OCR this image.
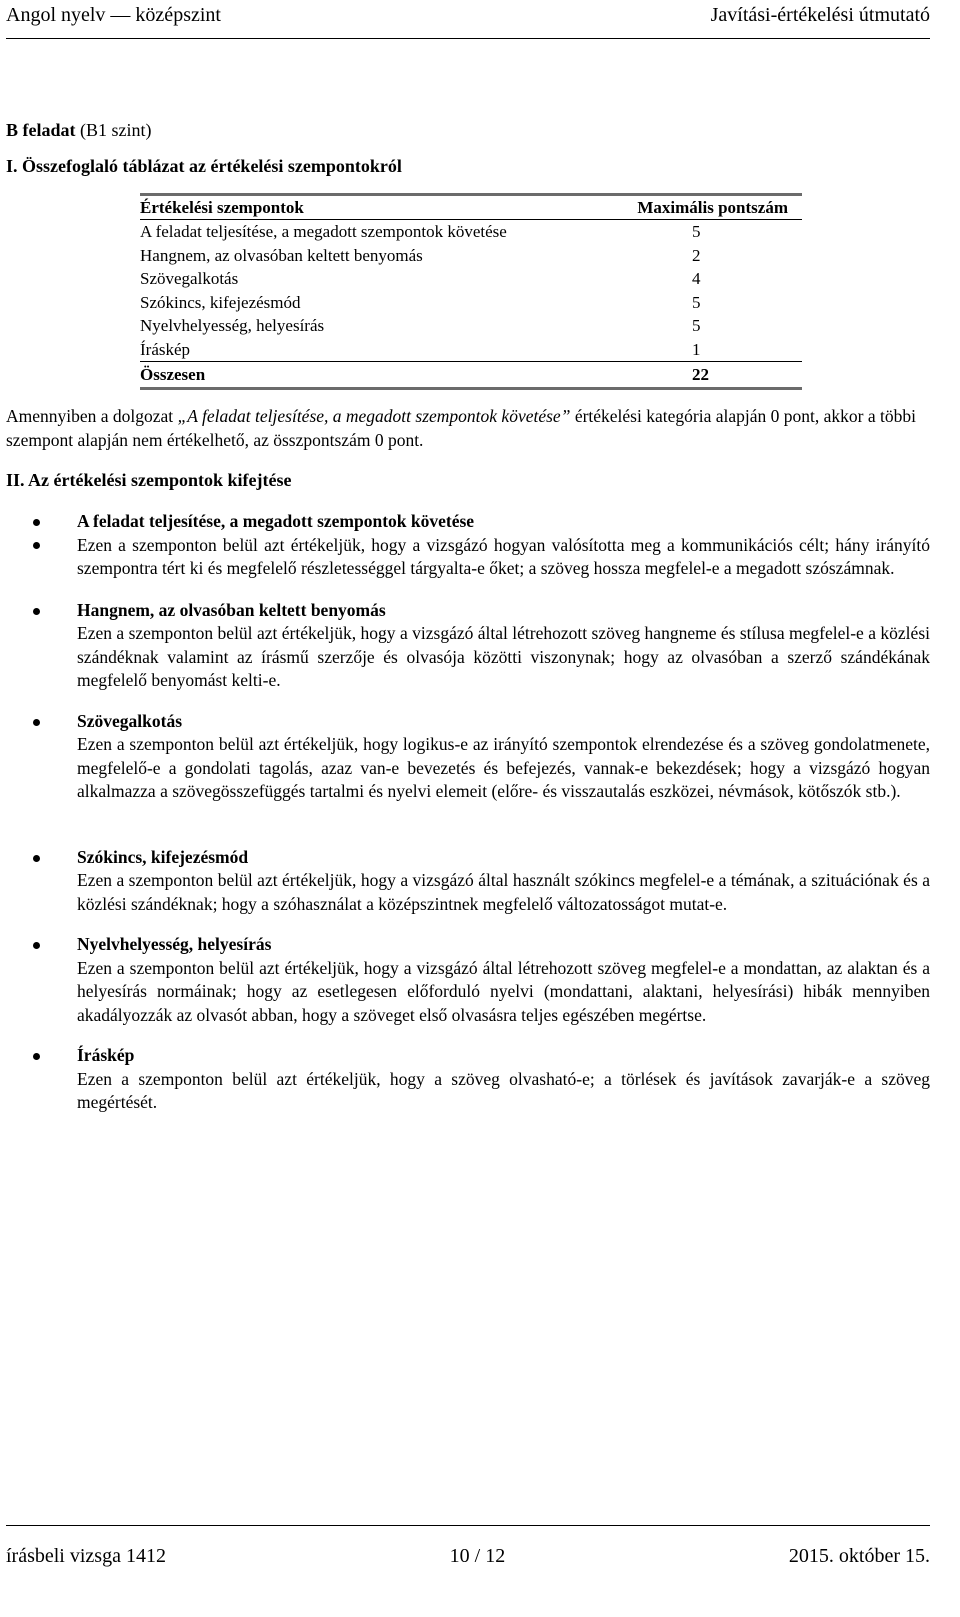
Angol nyelv — középszint	Javítási-értékelési útmutató
B feladat (B1 szint)
I. Összefoglaló táblázat az értékelési szempontokról

Értékelési szempontok	Maximális pontszám
A feladat teljesítése, a megadott szempontok követése	5
Hangnem, az olvasóban keltett benyomás	2
Szövegalkotás	4
Szókincs, kifejezésmód	5
Nyelvhelyesség, helyesírás	5
Íráskép	1
Összesen	22
Amennyiben a dolgozat „A feladat teljesítése, a megadott szempontok követése” értékelési kategória alapján 0 pont, akkor a többi szempont alapján nem értékelhető, az összpontszám 0 pont.
II. Az értékelési szempontok kifejtése
A feladat teljesítése, a megadott szempontok követése
Ezen a szemponton belül azt értékeljük, hogy a vizsgázó hogyan valósította meg a kommunikációs célt; hány irányító szempontra tért ki és megfelelő részletességgel tárgyalta-e őket; a szöveg hossza megfelel-e a megadott szószámnak.
Hangnem, az olvasóban keltett benyomás
Ezen a szemponton belül azt értékeljük, hogy a vizsgázó által létrehozott szöveg hangneme és stílusa megfelel-e a közlési szándéknak valamint az írásmű szerzője és olvasója közötti viszonynak; hogy az olvasóban a szerző szándékának megfelelő benyomást kelti-e.
Szövegalkotás
Ezen a szemponton belül azt értékeljük, hogy logikus-e az irányító szempontok elrendezése és a szöveg gondolatmenete, megfelelő-e a gondolati tagolás, azaz van-e bevezetés és befejezés, vannak-e bekezdések; hogy a vizsgázó hogyan alkalmazza a szövegösszefüggés tartalmi és nyelvi elemeit (előre- és visszautalás eszközei, névmások, kötőszók stb.).
Szókincs, kifejezésmód
Ezen a szemponton belül azt értékeljük, hogy a vizsgázó által használt szókincs megfelel-e a témának, a szituációnak és a közlési szándéknak; hogy a szóhasználat a középszintnek megfelelő változatosságot mutat-e.
Nyelvhelyesség, helyesírás
Ezen a szemponton belül azt értékeljük, hogy a vizsgázó által létrehozott szöveg megfelel-e a mondattan, az alaktan és a helyesírás normáinak; hogy az esetlegesen előforduló nyelvi (mondattani, alaktani, helyesírási) hibák mennyiben akadályozzák az olvasót abban, hogy a szöveget első olvasásra teljes egészében megértse.
Íráskép
Ezen a szemponton belül azt értékeljük, hogy a szöveg olvasható-e; a törlések és javítások zavarják-e a szöveg megértését.
írásbeli vizsga 1412	10 / 12	2015. október 15.
